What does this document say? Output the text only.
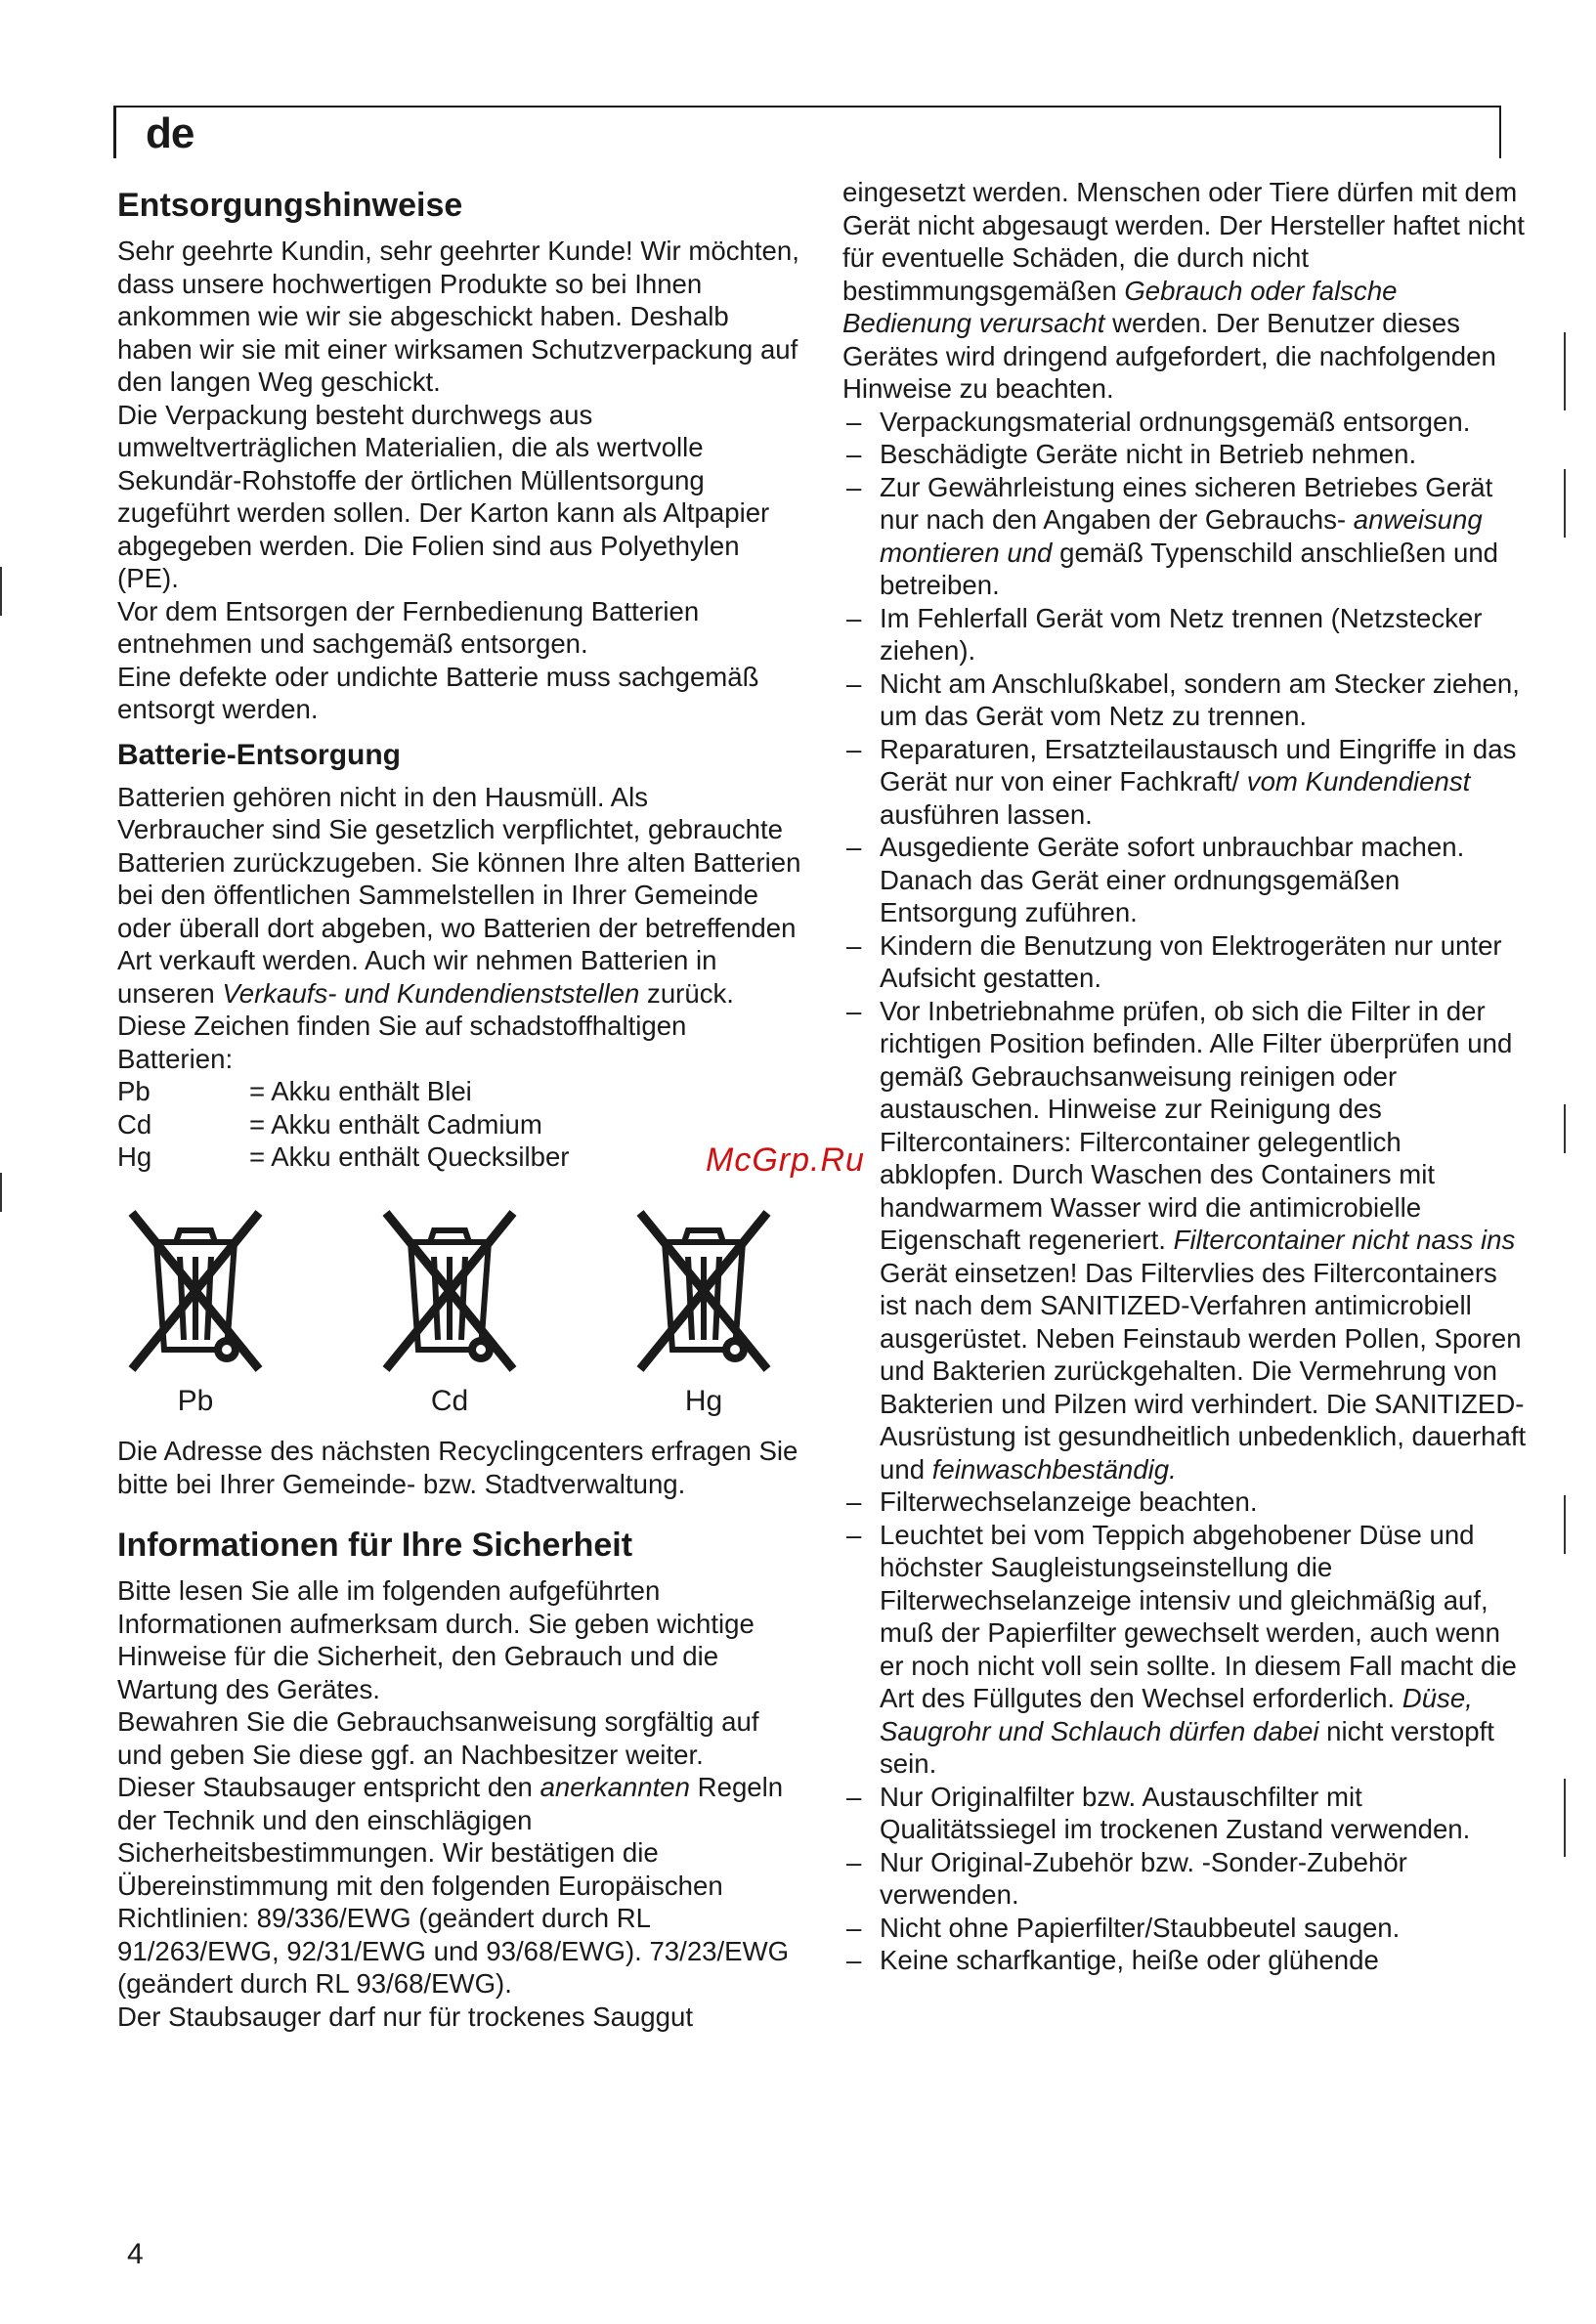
de
Entsorgungshinweise

Sehr geehrte Kundin, sehr geehrter Kunde! Wir möchten, dass unsere hochwertigen Produkte so bei Ihnen ankommen wie wir sie abgeschickt haben. Deshalb haben wir sie mit einer wirksamen Schutzverpackung auf den langen Weg geschickt.

Die Verpackung besteht durchwegs aus umweltverträglichen Materialien, die als wertvolle Sekundär-Rohstoffe der örtlichen Müllentsorgung zugeführt werden sollen. Der Karton kann als Altpapier abgegeben werden. Die Folien sind aus Polyethylen (PE).

Vor dem Entsorgen der Fernbedienung Batterien entnehmen und sachgemäß entsorgen.

Eine defekte oder undichte Batterie muss sachgemäß entsorgt werden.

Batterie-Entsorgung

Batterien gehören nicht in den Hausmüll. Als Verbraucher sind Sie gesetzlich verpflichtet, gebrauchte Batterien zurückzugeben. Sie können Ihre alten Batterien bei den öffentlichen Sammelstellen in Ihrer Gemeinde oder überall dort abgeben, wo Batterien der betreffenden Art verkauft werden. Auch wir nehmen Batterien in unseren Verkaufs- und Kundendienststellen zurück.

Diese Zeichen finden Sie auf schadstoffhaltigen Batterien:

Pb	= Akku enthält Blei
Cd	= Akku enthält Cadmium
Hg	= Akku enthält Quecksilber
Pb	Cd	Hg

Die Adresse des nächsten Recyclingcenters erfragen Sie bitte bei Ihrer Gemeinde- bzw. Stadtverwaltung.

Informationen für Ihre Sicherheit

Bitte lesen Sie alle im folgenden aufgeführten Informationen aufmerksam durch. Sie geben wichtige Hinweise für die Sicherheit, den Gebrauch und die Wartung des Gerätes.

Bewahren Sie die Gebrauchsanweisung sorgfältig auf und geben Sie diese ggf. an Nachbesitzer weiter.

Dieser Staubsauger entspricht den anerkannten Regeln der Technik und den einschlägigen Sicherheitsbestimmungen. Wir bestätigen die Übereinstimmung mit den folgenden Europäischen Richtlinien: 89/336/EWG (geändert durch RL 91/263/EWG, 92/31/EWG und 93/68/EWG). 73/23/EWG (geändert durch RL 93/68/EWG).

Der Staubsauger darf nur für trockenes Sauggut

eingesetzt werden. Menschen oder Tiere dürfen mit dem Gerät nicht abgesaugt werden. Der Hersteller haftet nicht für eventuelle Schäden, die durch nicht bestimmungsgemäßen Gebrauch oder falsche Bedienung verursacht werden. Der Benutzer dieses Gerätes wird dringend aufgefordert, die nachfolgenden Hinweise zu beachten.

– Verpackungsmaterial ordnungsgemäß entsorgen.
– Beschädigte Geräte nicht in Betrieb nehmen.
– Zur Gewährleistung eines sicheren Betriebes Gerät nur nach den Angaben der Gebrauchs- anweisung montieren und gemäß Typenschild anschließen und betreiben.
– Im Fehlerfall Gerät vom Netz trennen (Netzstecker ziehen).
– Nicht am Anschlußkabel, sondern am Stecker ziehen, um das Gerät vom Netz zu trennen.
– Reparaturen, Ersatzteilaustausch und Eingriffe in das Gerät nur von einer Fachkraft/ vom Kundendienst ausführen lassen.
– Ausgediente Geräte sofort unbrauchbar machen. Danach das Gerät einer ordnungsgemäßen Entsorgung zuführen.
– Kindern die Benutzung von Elektrogeräten nur unter Aufsicht gestatten.
– Vor Inbetriebnahme prüfen, ob sich die Filter in der richtigen Position befinden. Alle Filter überprüfen und gemäß Gebrauchsanweisung reinigen oder austauschen. Hinweise zur Reinigung des Filtercontainers: Filtercontainer gelegentlich abklopfen. Durch Waschen des Containers mit handwarmem Wasser wird die antimicrobielle Eigenschaft regeneriert. Filtercontainer nicht nass ins Gerät einsetzen! Das Filtervlies des Filtercontainers ist nach dem SANITIZED-Verfahren antimicrobiell ausgerüstet. Neben Feinstaub werden Pollen, Sporen und Bakterien zurückgehalten. Die Vermehrung von Bakterien und Pilzen wird verhindert. Die SANITIZED-Ausrüstung ist gesundheitlich unbedenklich, dauerhaft und feinwaschbeständig.
– Filterwechselanzeige beachten.
– Leuchtet bei vom Teppich abgehobener Düse und höchster Saugleistungseinstellung die Filterwechselanzeige intensiv und gleichmäßig auf, muß der Papierfilter gewechselt werden, auch wenn er noch nicht voll sein sollte. In diesem Fall macht die Art des Füllgutes den Wechsel erforderlich. Düse, Saugrohr und Schlauch dürfen dabei nicht verstopft sein.
– Nur Originalfilter bzw. Austauschfilter mit Qualitätssiegel im trockenen Zustand verwenden.
– Nur Original-Zubehör bzw. -Sonder-Zubehör verwenden.
– Nicht ohne Papierfilter/Staubbeutel saugen.
– Keine scharfkantige, heiße oder glühende
McGrp.Ru
4
